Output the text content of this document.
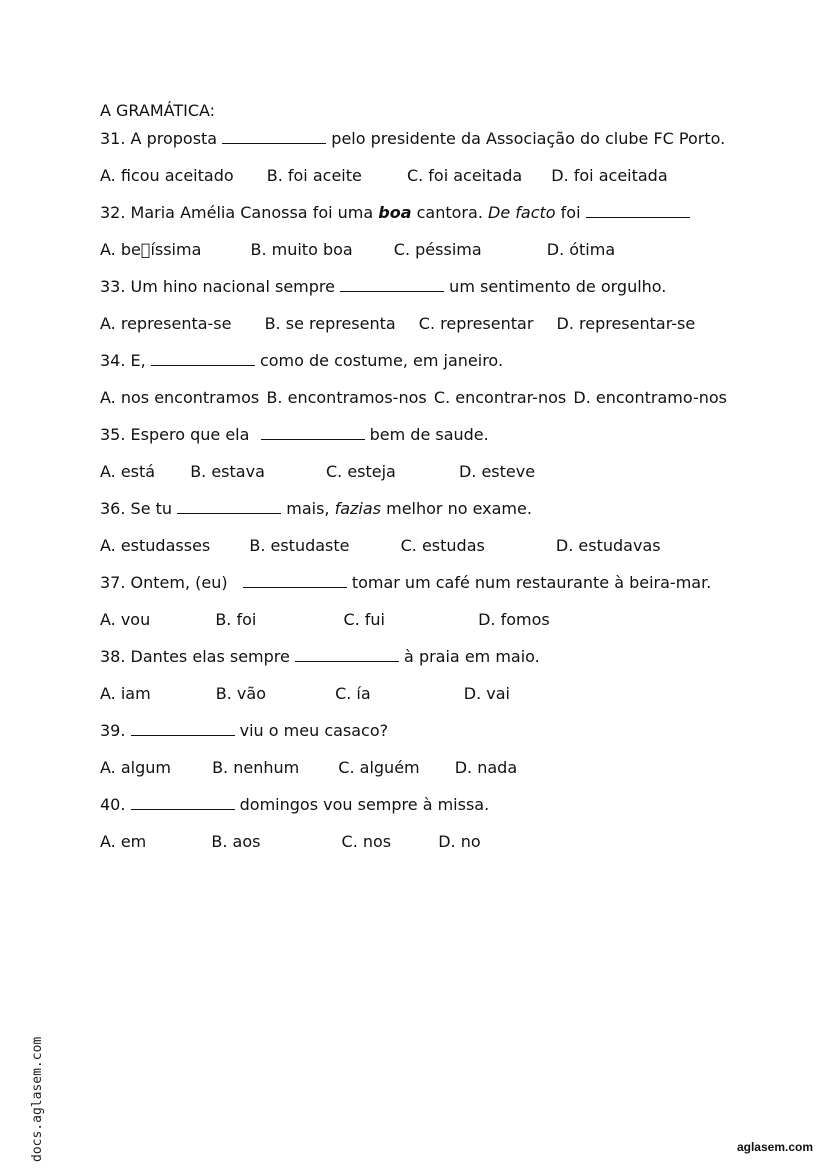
A GRAMÁTICA:

31. A proposta	pelo presidente da Associação do clube FC Porto.

A. ficou aceitado B. foi aceite	C. foi aceitada D. foi aceitada

32. Maria Amélia Canossa foi uma boa cantora. De facto foi

A. be íssima	B. muito boa	C. péssima	D. ótima

33. Um hino nacional sempre	um sentimento de orgulho.

A. representa-se B. se representa C. representar D. representar-se

34. E,	como de costume, em janeiro.

A. nos encontramos B. encontramos-nos C. encontrar-nos D. encontramo-nos

35. Espero que ela	bem de saude.

A. está B. estava	C. esteja	D. esteve

36. Se tu	mais, fazias melhor no exame.

A. estudasses B. estudaste	C. estudas	D. estudavas

37. Ontem, (eu)	tomar um café num restaurante à beira-mar.

A. vou	B. foi	C. fui	D. fomos

38. Dantes elas sempre	à praia em maio.

A. iam	B. vão	C. ía	D. vai

39.	viu o meu casaco?

A. algum	B. nenhum C. alguém D. nada

40.	domingos vou sempre à missa.

A. em	B. aos	C. nos	D. no

docs.aglasem.com	aglasem.com
